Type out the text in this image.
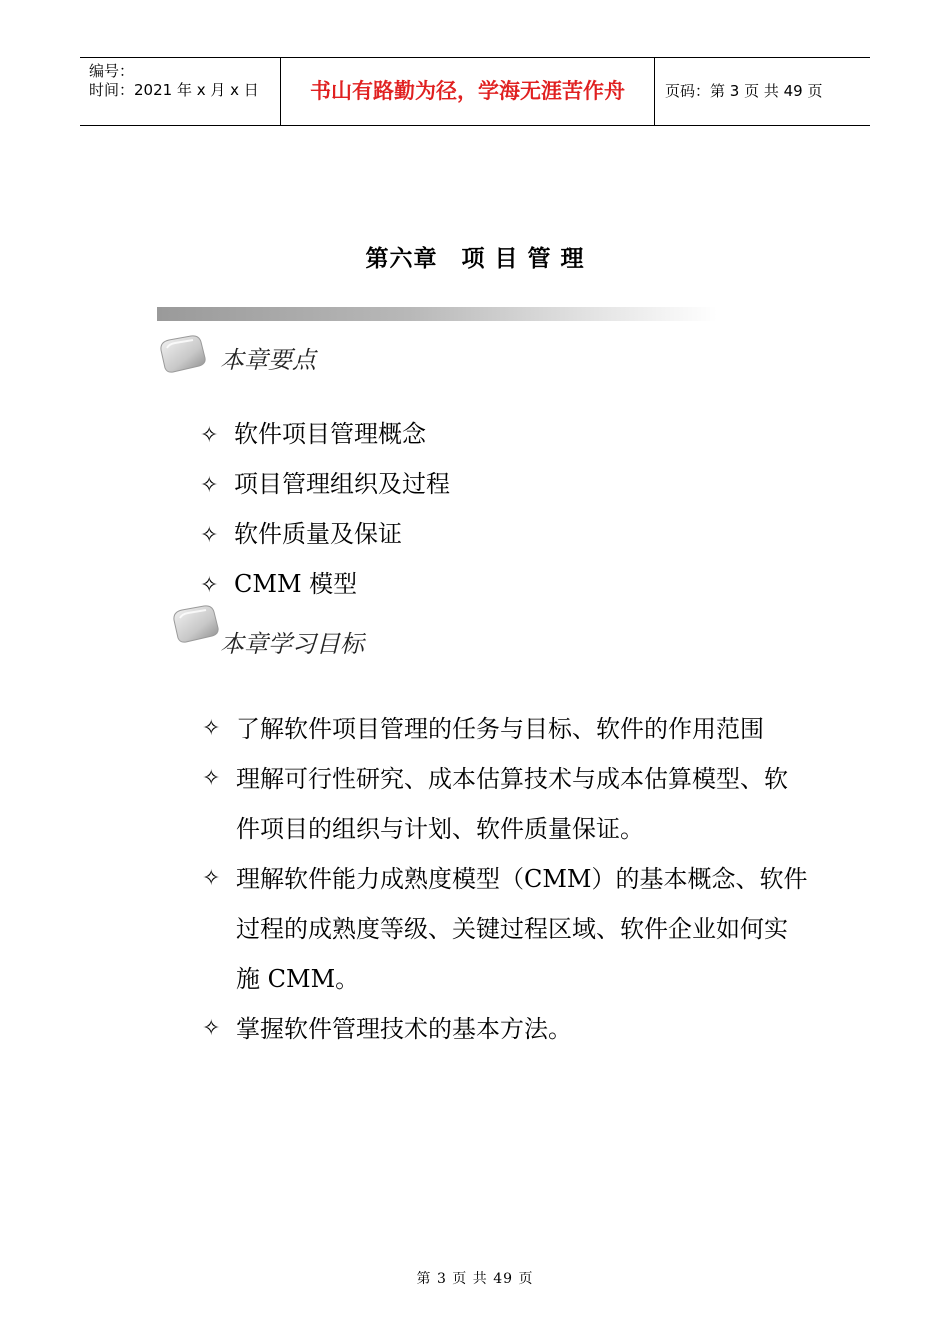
编号：
时间：2021 年 x 月 x 日	书山有路勤为径，学海无涯苦作舟	页码：第 3 页 共 49 页
第六章　项 目 管 理
本章要点
✧ 软件项目管理概念
✧ 项目管理组织及过程
✧ 软件质量及保证
✧ CMM 模型
本章学习目标
✧ 了解软件项目管理的任务与目标、软件的作用范围
✧ 理解可行性研究、成本估算技术与成本估算模型、软件项目的组织与计划、软件质量保证。
✧ 理解软件能力成熟度模型（CMM）的基本概念、软件过程的成熟度等级、关键过程区域、软件企业如何实施 CMM。
✧ 掌握软件管理技术的基本方法。
第 3 页 共 49 页
